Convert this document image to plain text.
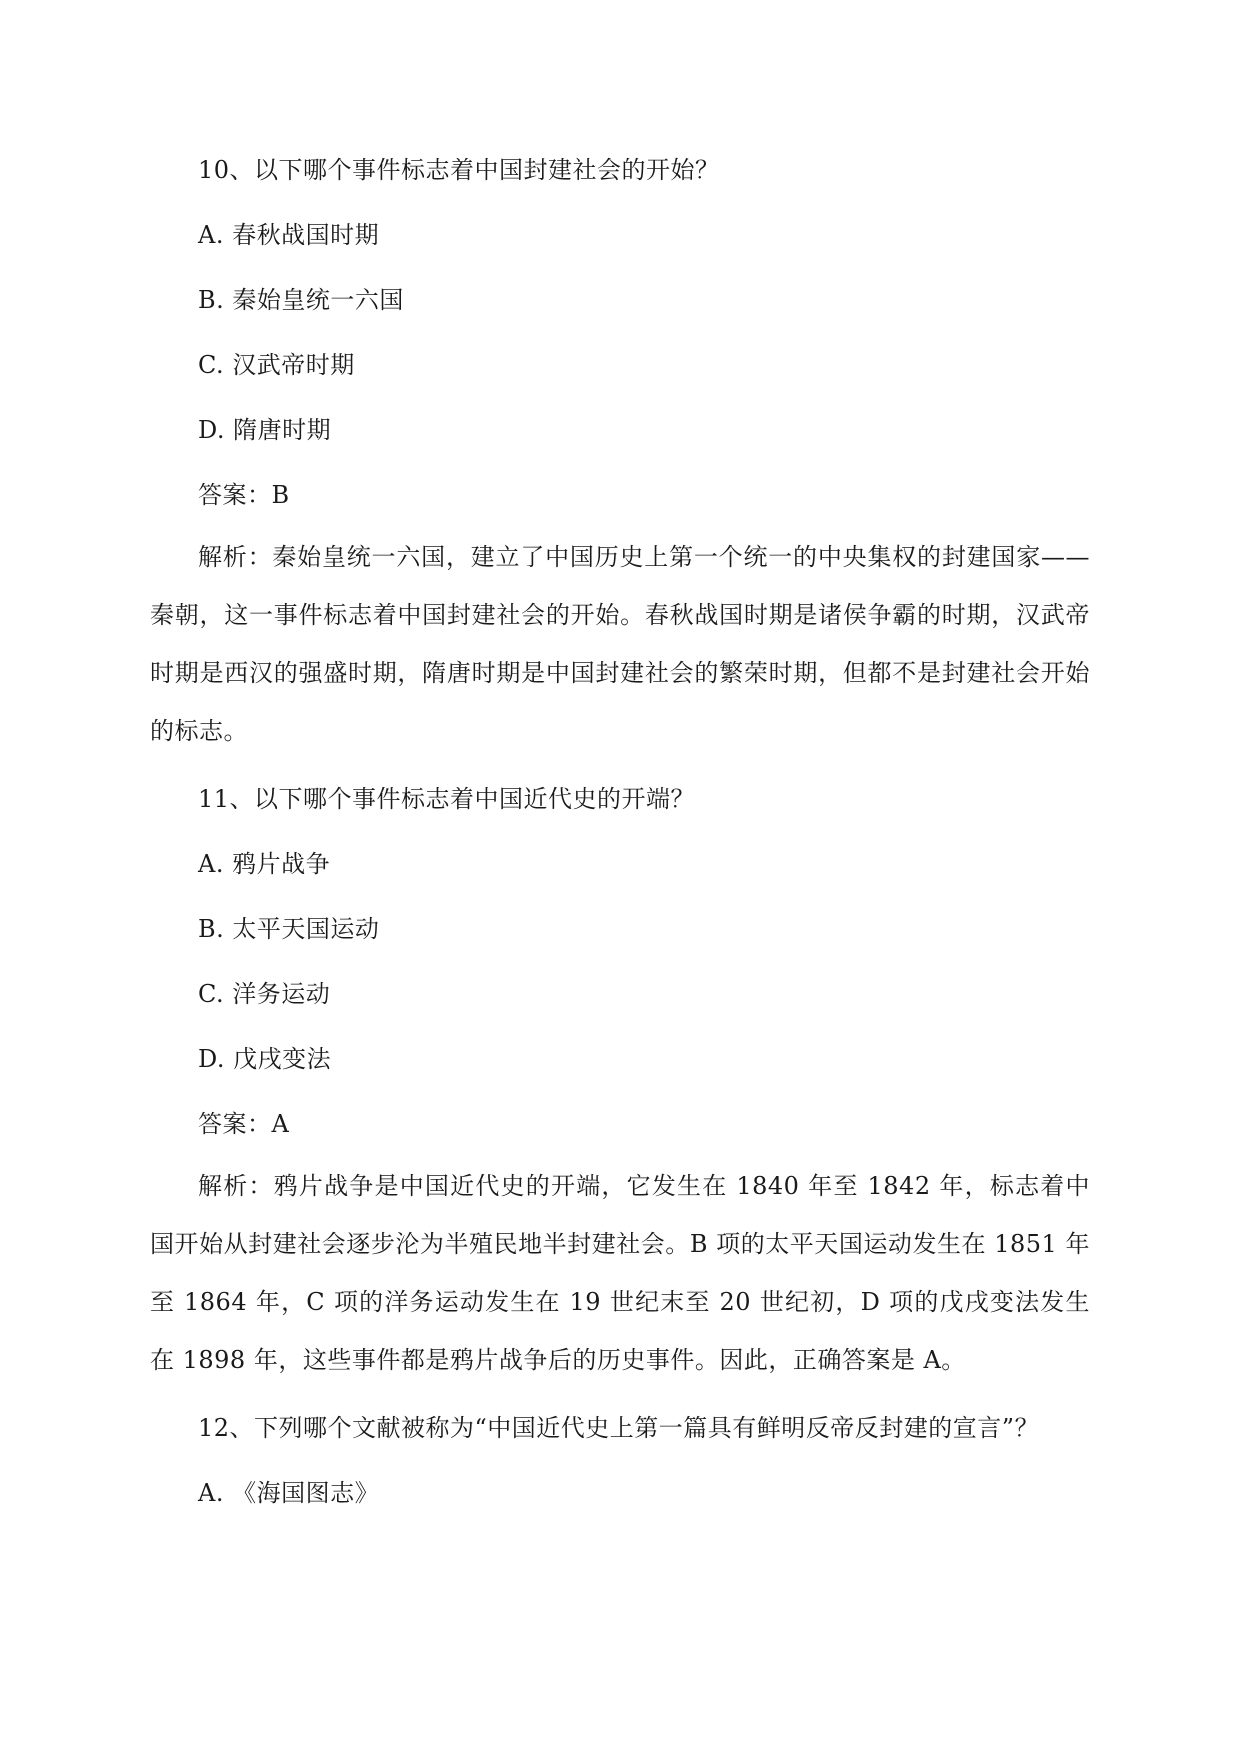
10、以下哪个事件标志着中国封建社会的开始？
A. 春秋战国时期
B. 秦始皇统一六国
C. 汉武帝时期
D. 隋唐时期
答案：B

解析：秦始皇统一六国，建立了中国历史上第一个统一的中央集权的封建国家——秦朝，这一事件标志着中国封建社会的开始。春秋战国时期是诸侯争霸的时期，汉武帝时期是西汉的强盛时期，隋唐时期是中国封建社会的繁荣时期，但都不是封建社会开始的标志。

11、以下哪个事件标志着中国近代史的开端？
A. 鸦片战争
B. 太平天国运动
C. 洋务运动
D. 戊戌变法
答案：A

解析：鸦片战争是中国近代史的开端，它发生在 1840 年至 1842 年，标志着中国开始从封建社会逐步沦为半殖民地半封建社会。B 项的太平天国运动发生在 1851 年至 1864 年，C 项的洋务运动发生在 19 世纪末至 20 世纪初，D 项的戊戌变法发生在 1898 年，这些事件都是鸦片战争后的历史事件。因此，正确答案是 A。

12、下列哪个文献被称为“中国近代史上第一篇具有鲜明反帝反封建的宣言”？
A. 《海国图志》
